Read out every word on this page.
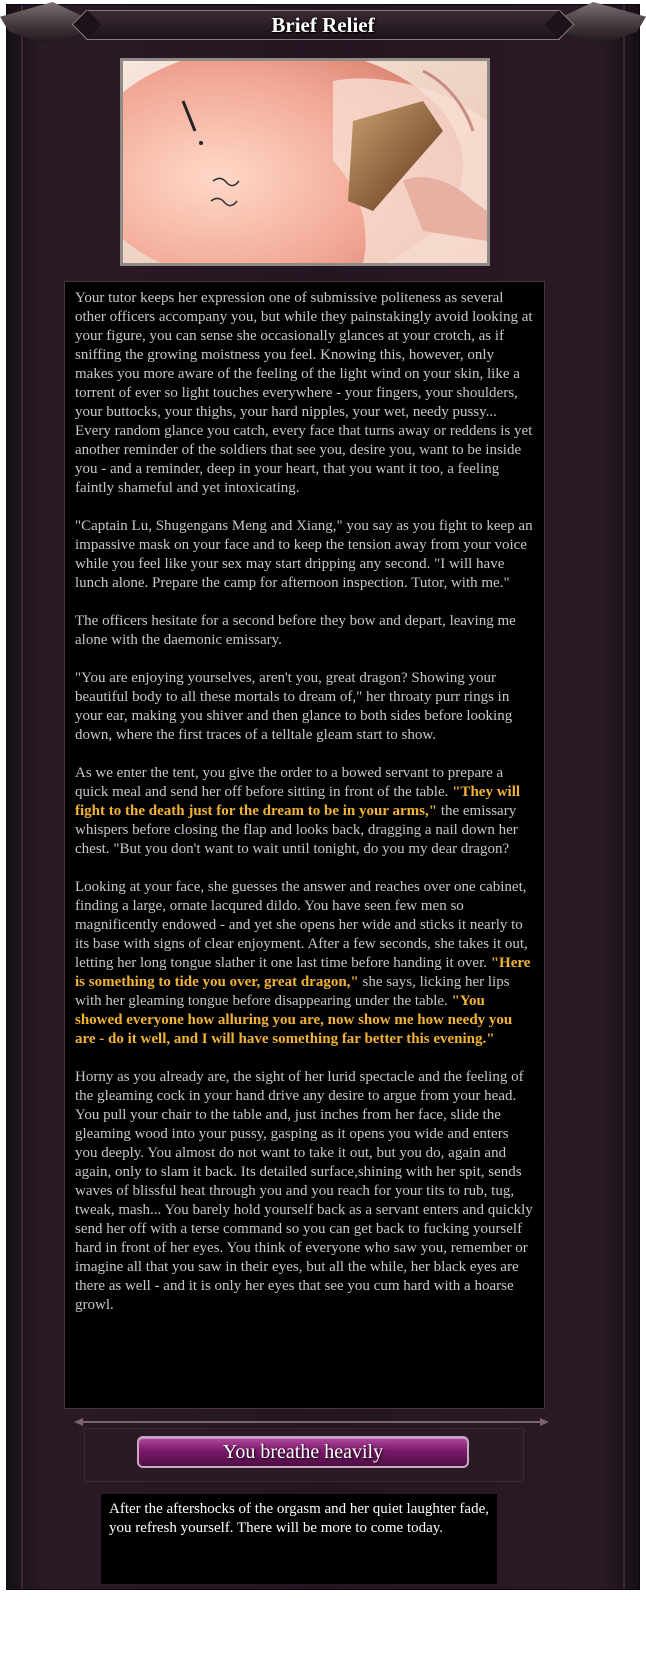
Brief Relief

Your tutor keeps her expression one of submissive politeness as several other officers accompany you, but while they painstakingly avoid looking at your figure, you can sense she occasionally glances at your crotch, as if sniffing the growing moistness you feel. Knowing this, however, only makes you more aware of the feeling of the light wind on your skin, like a torrent of ever so light touches everywhere - your fingers, your shoulders, your buttocks, your thighs, your hard nipples, your wet, needy pussy... Every random glance you catch, every face that turns away or reddens is yet another reminder of the soldiers that see you, desire you, want to be inside you - and a reminder, deep in your heart, that you want it too, a feeling faintly shameful and yet intoxicating.

"Captain Lu, Shugengans Meng and Xiang," you say as you fight to keep an impassive mask on your face and to keep the tension away from your voice while you feel like your sex may start dripping any second. "I will have lunch alone. Prepare the camp for afternoon inspection. Tutor, with me."

The officers hesitate for a second before they bow and depart, leaving me alone with the daemonic emissary.

"You are enjoying yourselves, aren't you, great dragon? Showing your beautiful body to all these mortals to dream of," her throaty purr rings in your ear, making you shiver and then glance to both sides before looking down, where the first traces of a telltale gleam start to show.

As we enter the tent, you give the order to a bowed servant to prepare a quick meal and send her off before sitting in front of the table. "They will fight to the death just for the dream to be in your arms," the emissary whispers before closing the flap and looks back, dragging a nail down her chest. "But you don't want to wait until tonight, do you my dear dragon?

Looking at your face, she guesses the answer and reaches over one cabinet, finding a large, ornate lacqured dildo. You have seen few men so magnificently endowed - and yet she opens her wide and sticks it nearly to its base with signs of clear enjoyment. After a few seconds, she takes it out, letting her long tongue slather it one last time before handing it over. "Here is something to tide you over, great dragon," she says, licking her lips with her gleaming tongue before disappearing under the table. "You showed everyone how alluring you are, now show me how needy you are - do it well, and I will have something far better this evening."

Horny as you already are, the sight of her lurid spectacle and the feeling of the gleaming cock in your hand drive any desire to argue from your head. You pull your chair to the table and, just inches from her face, slide the gleaming wood into your pussy, gasping as it opens you wide and enters you deeply. You almost do not want to take it out, but you do, again and again, only to slam it back. Its detailed surface,shining with her spit, sends waves of blissful heat through you and you reach for your tits to rub, tug, tweak, mash... You barely hold yourself back as a servant enters and quickly send her off with a terse command so you can get back to fucking yourself hard in front of her eyes. You think of everyone who saw you, remember or imagine all that you saw in their eyes, but all the while, her black eyes are there as well - and it is only her eyes that see you cum hard with a hoarse growl.

You breathe heavily

After the aftershocks of the orgasm and her quiet laughter fade, you refresh yourself. There will be more to come today.
